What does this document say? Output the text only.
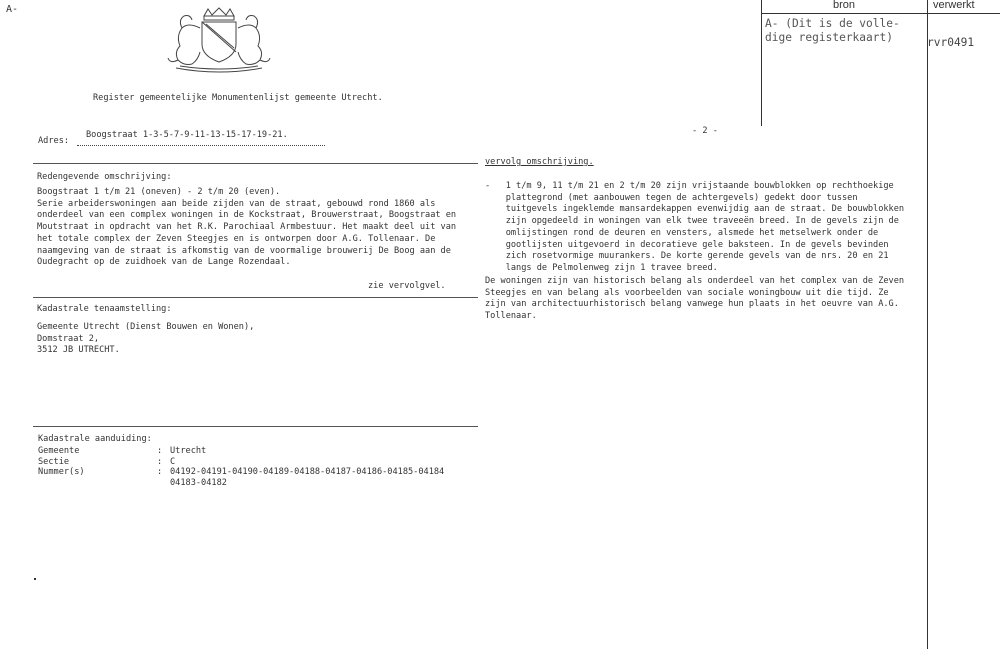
A-	bron	verwerkt
A- (Dit is de volle-
dige registerkaart)	rvr0491
Register gemeentelijke Monumentenlijst gemeente Utrecht.
Adres:
Boogstraat 1-3-5-7-9-11-13-15-17-19-21.	- 2 -
Redengevende omschrijving:
Boogstraat 1 t/m 21 (oneven) - 2 t/m 20 (even).
Serie arbeiderswoningen aan beide zijden van de straat, gebouwd rond 1860 als
onderdeel van een complex woningen in de Kockstraat, Brouwerstraat, Boogstraat en
Moutstraat in opdracht van het R.K. Parochiaal Armbestuur. Het maakt deel uit van
het totale complex der Zeven Steegjes en is ontworpen door A.G. Tollenaar. De
naamgeving van de straat is afkomstig van de voormalige brouwerij De Boog aan de
Oudegracht op de zuidhoek van de Lange Rozendaal.
zie vervolgvel.
Kadastrale tenaamstelling:
Gemeente Utrecht (Dienst Bouwen en Wonen),
Domstraat 2,
3512 JB UTRECHT.
Kadastrale aanduiding:
Gemeente	: Utrecht
Sectie	: C
Nummer(s)	: 04192-04191-04190-04189-04188-04187-04186-04185-04184
04183-04182
vervolg omschrijving.
-   1 t/m 9, 11 t/m 21 en 2 t/m 20 zijn vrijstaande bouwblokken op rechthoekige
plattegrond (met aanbouwen tegen de achtergevels) gedekt door tussen
tuitgevels ingeklemde mansardekappen evenwijdig aan de straat. De bouwblokken
zijn opgedeeld in woningen van elk twee traveeën breed. In de gevels zijn de
omlijstingen rond de deuren en vensters, alsmede het metselwerk onder de
gootlijsten uitgevoerd in decoratieve gele baksteen. In de gevels bevinden
zich rosetvormige muurankers. De korte gerende gevels van de nrs. 20 en 21
langs de Pelmolenweg zijn 1 travee breed.
De woningen zijn van historisch belang als onderdeel van het complex van de Zeven
Steegjes en van belang als voorbeelden van sociale woningbouw uit die tijd. Ze
zijn van architectuurhistorisch belang vanwege hun plaats in het oeuvre van A.G.
Tollenaar.
